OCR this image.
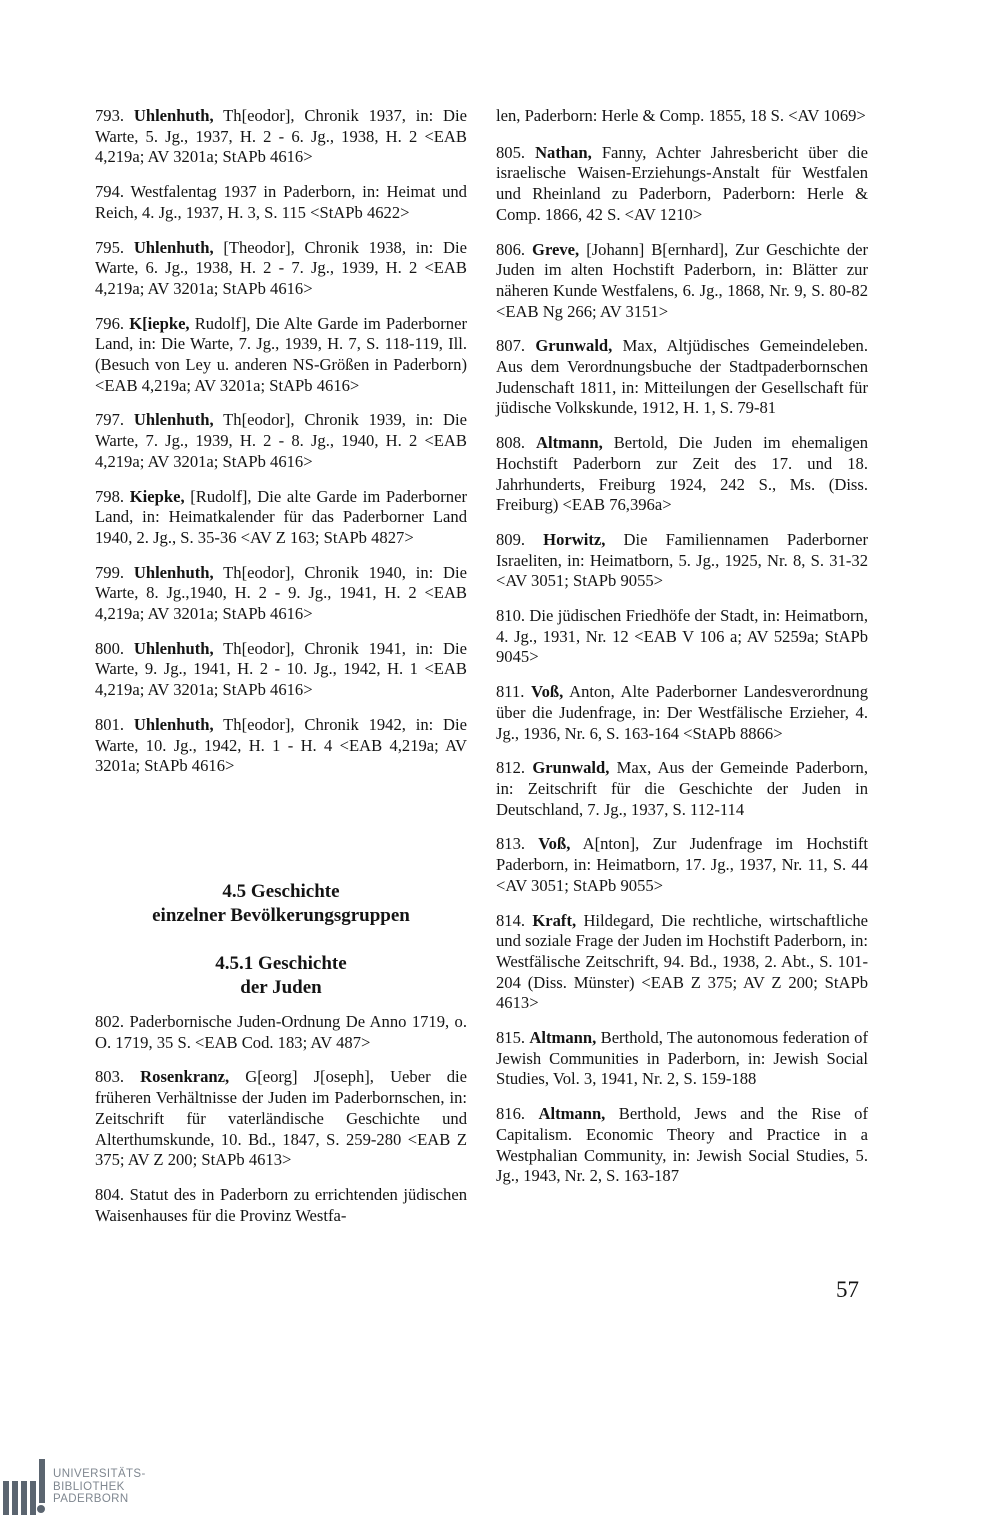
793. Uhlenhuth, Th[eodor], Chronik 1937, in: Die Warte, 5. Jg., 1937, H. 2 - 6. Jg., 1938, H. 2 <EAB 4,219a; AV 3201a; StAPb 4616>

794. Westfalentag 1937 in Paderborn, in: Heimat und Reich, 4. Jg., 1937, H. 3, S. 115 <StAPb 4622>

795. Uhlenhuth, [Theodor], Chronik 1938, in: Die Warte, 6. Jg., 1938, H. 2 - 7. Jg., 1939, H. 2 <EAB 4,219a; AV 3201a; StAPb 4616>

796. K[iepke, Rudolf], Die Alte Garde im Paderborner Land, in: Die Warte, 7. Jg., 1939, H. 7, S. 118-119, Ill. (Besuch von Ley u. anderen NS-Größen in Paderborn) <EAB 4,219a; AV 3201a; StAPb 4616>

797. Uhlenhuth, Th[eodor], Chronik 1939, in: Die Warte, 7. Jg., 1939, H. 2 - 8. Jg., 1940, H. 2 <EAB 4,219a; AV 3201a; StAPb 4616>

798. Kiepke, [Rudolf], Die alte Garde im Paderborner Land, in: Heimatkalender für das Paderborner Land 1940, 2. Jg., S. 35-36 <AV Z 163; StAPb 4827>

799. Uhlenhuth, Th[eodor], Chronik 1940, in: Die Warte, 8. Jg.,1940, H. 2 - 9. Jg., 1941, H. 2 <EAB 4,219a; AV 3201a; StAPb 4616>

800. Uhlenhuth, Th[eodor], Chronik 1941, in: Die Warte, 9. Jg., 1941, H. 2 - 10. Jg., 1942, H. 1 <EAB 4,219a; AV 3201a; StAPb 4616>

801. Uhlenhuth, Th[eodor], Chronik 1942, in: Die Warte, 10. Jg., 1942, H. 1 - H. 4 <EAB 4,219a; AV 3201a; StAPb 4616>

4.5 Geschichte
einzelner Bevölkerungsgruppen
4.5.1 Geschichte
der Juden

802. Paderbornische Juden-Ordnung De Anno 1719, o. O. 1719, 35 S. <EAB Cod. 183; AV 487>

803. Rosenkranz, G[eorg] J[oseph], Ueber die früheren Verhältnisse der Juden im Paderbornschen, in: Zeitschrift für vaterländische Geschichte und Alterthumskunde, 10. Bd., 1847, S. 259-280 <EAB Z 375; AV Z 200; StAPb 4613>

804. Statut des in Paderborn zu errichtenden jüdischen Waisenhauses für die Provinz Westfa-

len, Paderborn: Herle & Comp. 1855, 18 S. <AV 1069>

805. Nathan, Fanny, Achter Jahresbericht über die israelische Waisen-Erziehungs-Anstalt für Westfalen und Rheinland zu Paderborn, Paderborn: Herle & Comp. 1866, 42 S. <AV 1210>

806. Greve, [Johann] B[ernhard], Zur Geschichte der Juden im alten Hochstift Paderborn, in: Blätter zur näheren Kunde Westfalens, 6. Jg., 1868, Nr. 9, S. 80-82 <EAB Ng 266; AV 3151>

807. Grunwald, Max, Altjüdisches Gemeindeleben. Aus dem Verordnungsbuche der Stadtpaderbornschen Judenschaft 1811, in: Mitteilungen der Gesellschaft für jüdische Volkskunde, 1912, H. 1, S. 79-81

808. Altmann, Bertold, Die Juden im ehemaligen Hochstift Paderborn zur Zeit des 17. und 18. Jahrhunderts, Freiburg 1924, 242 S., Ms. (Diss. Freiburg) <EAB 76,396a>

809. Horwitz, Die Familiennamen Paderborner Israeliten, in: Heimatborn, 5. Jg., 1925, Nr. 8, S. 31-32 <AV 3051; StAPb 9055>

810. Die jüdischen Friedhöfe der Stadt, in: Heimatborn, 4. Jg., 1931, Nr. 12 <EAB V 106 a; AV 5259a; StAPb 9045>

811. Voß, Anton, Alte Paderborner Landesverordnung über die Judenfrage, in: Der Westfälische Erzieher, 4. Jg., 1936, Nr. 6, S. 163-164 <StAPb 8866>

812. Grunwald, Max, Aus der Gemeinde Paderborn, in: Zeitschrift für die Geschichte der Juden in Deutschland, 7. Jg., 1937, S. 112-114

813. Voß, A[nton], Zur Judenfrage im Hochstift Paderborn, in: Heimatborn, 17. Jg., 1937, Nr. 11, S. 44 <AV 3051; StAPb 9055>

814. Kraft, Hildegard, Die rechtliche, wirtschaftliche und soziale Frage der Juden im Hochstift Paderborn, in: Westfälische Zeitschrift, 94. Bd., 1938, 2. Abt., S. 101-204 (Diss. Münster) <EAB Z 375; AV Z 200; StAPb 4613>

815. Altmann, Berthold, The autonomous federation of Jewish Communities in Paderborn, in: Jewish Social Studies, Vol. 3, 1941, Nr. 2, S. 159-188

816. Altmann, Berthold, Jews and the Rise of Capitalism. Economic Theory and Practice in a Westphalian Community, in: Jewish Social Studies, 5. Jg., 1943, Nr. 2, S. 163-187

57
UNIVERSITÄTS-
BIBLIOTHEK
PADERBORN
